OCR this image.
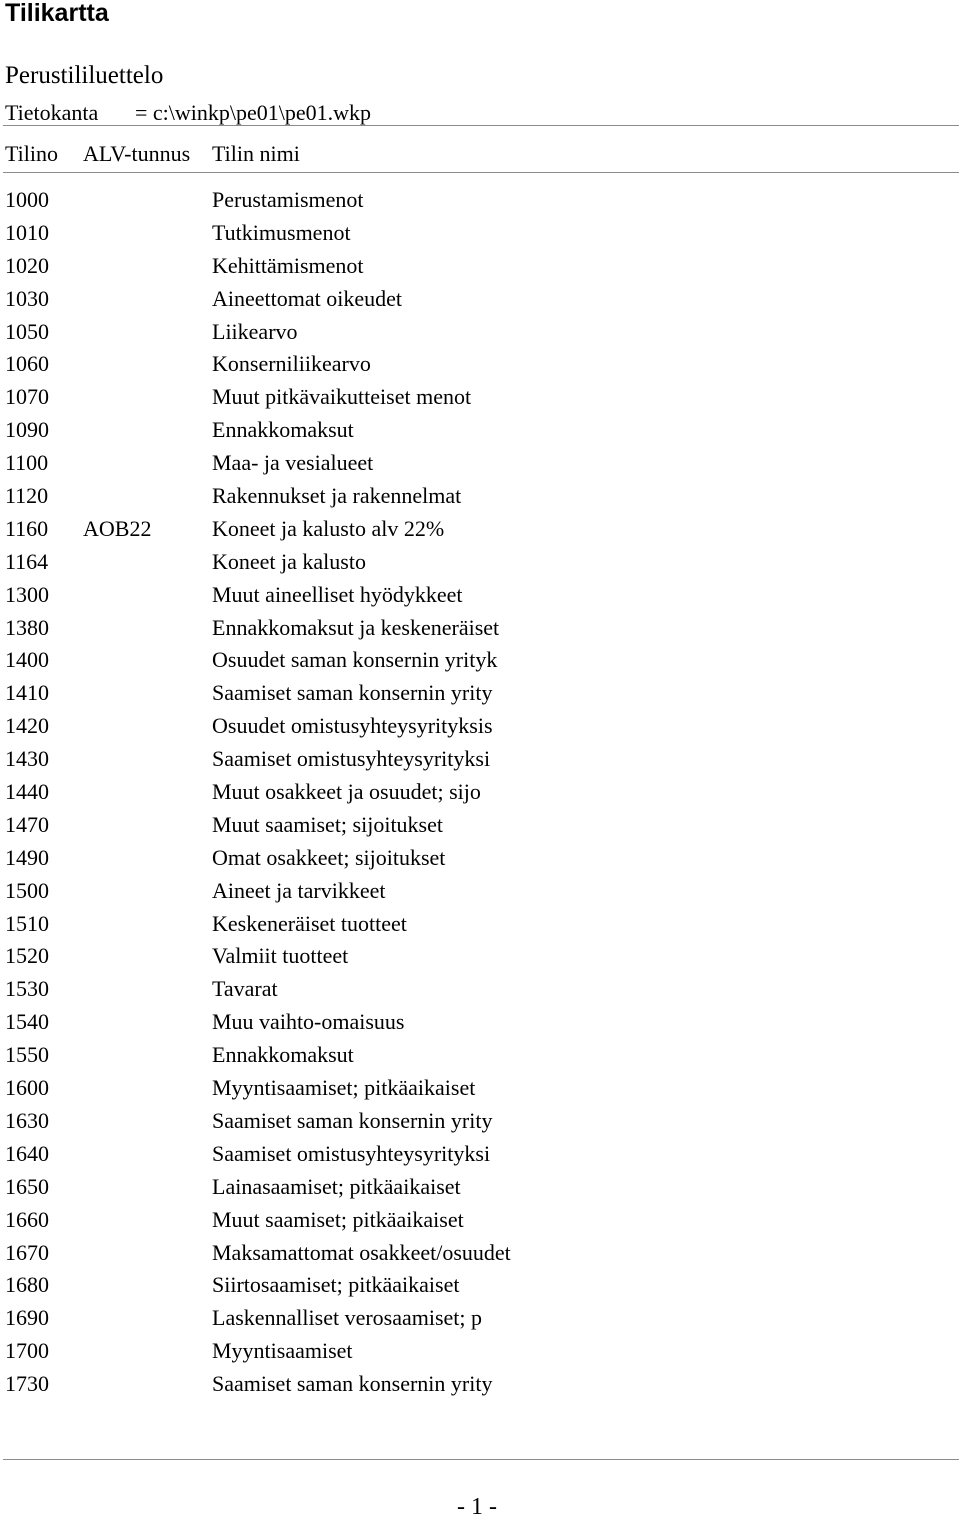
Tilikartta
Perustililuettelo
Tietokanta = c:\winkp\pe01\pe01.wkp
Tilino ALV-tunnus Tilin nimi
1000	Perustamismenot
1010	Tutkimusmenot
1020	Kehittämismenot
1030	Aineettomat oikeudet
1050	Liikearvo
1060	Konserniliikearvo
1070	Muut pitkävaikutteiset menot
1090	Ennakkomaksut
1100	Maa- ja vesialueet
1120	Rakennukset ja rakennelmat
1160 AOB22	Koneet ja kalusto alv 22%
1164	Koneet ja kalusto
1300	Muut aineelliset hyödykkeet
1380	Ennakkomaksut ja keskeneräiset
1400	Osuudet saman konsernin yrityk
1410	Saamiset saman konsernin yrity
1420	Osuudet omistusyhteysyrityksis
1430	Saamiset omistusyhteysyrityksi
1440	Muut osakkeet ja osuudet; sijo
1470	Muut saamiset; sijoitukset
1490	Omat osakkeet; sijoitukset
1500	Aineet ja tarvikkeet
1510	Keskeneräiset tuotteet
1520	Valmiit tuotteet
1530	Tavarat
1540	Muu vaihto-omaisuus
1550	Ennakkomaksut
1600	Myyntisaamiset; pitkäaikaiset
1630	Saamiset saman konsernin yrity
1640	Saamiset omistusyhteysyrityksi
1650	Lainasaamiset; pitkäaikaiset
1660	Muut saamiset; pitkäaikaiset
1670	Maksamattomat osakkeet/osuudet
1680	Siirtosaamiset; pitkäaikaiset
1690	Laskennalliset verosaamiset; p
1700	Myyntisaamiset
1730	Saamiset saman konsernin yrity
- 1 -
